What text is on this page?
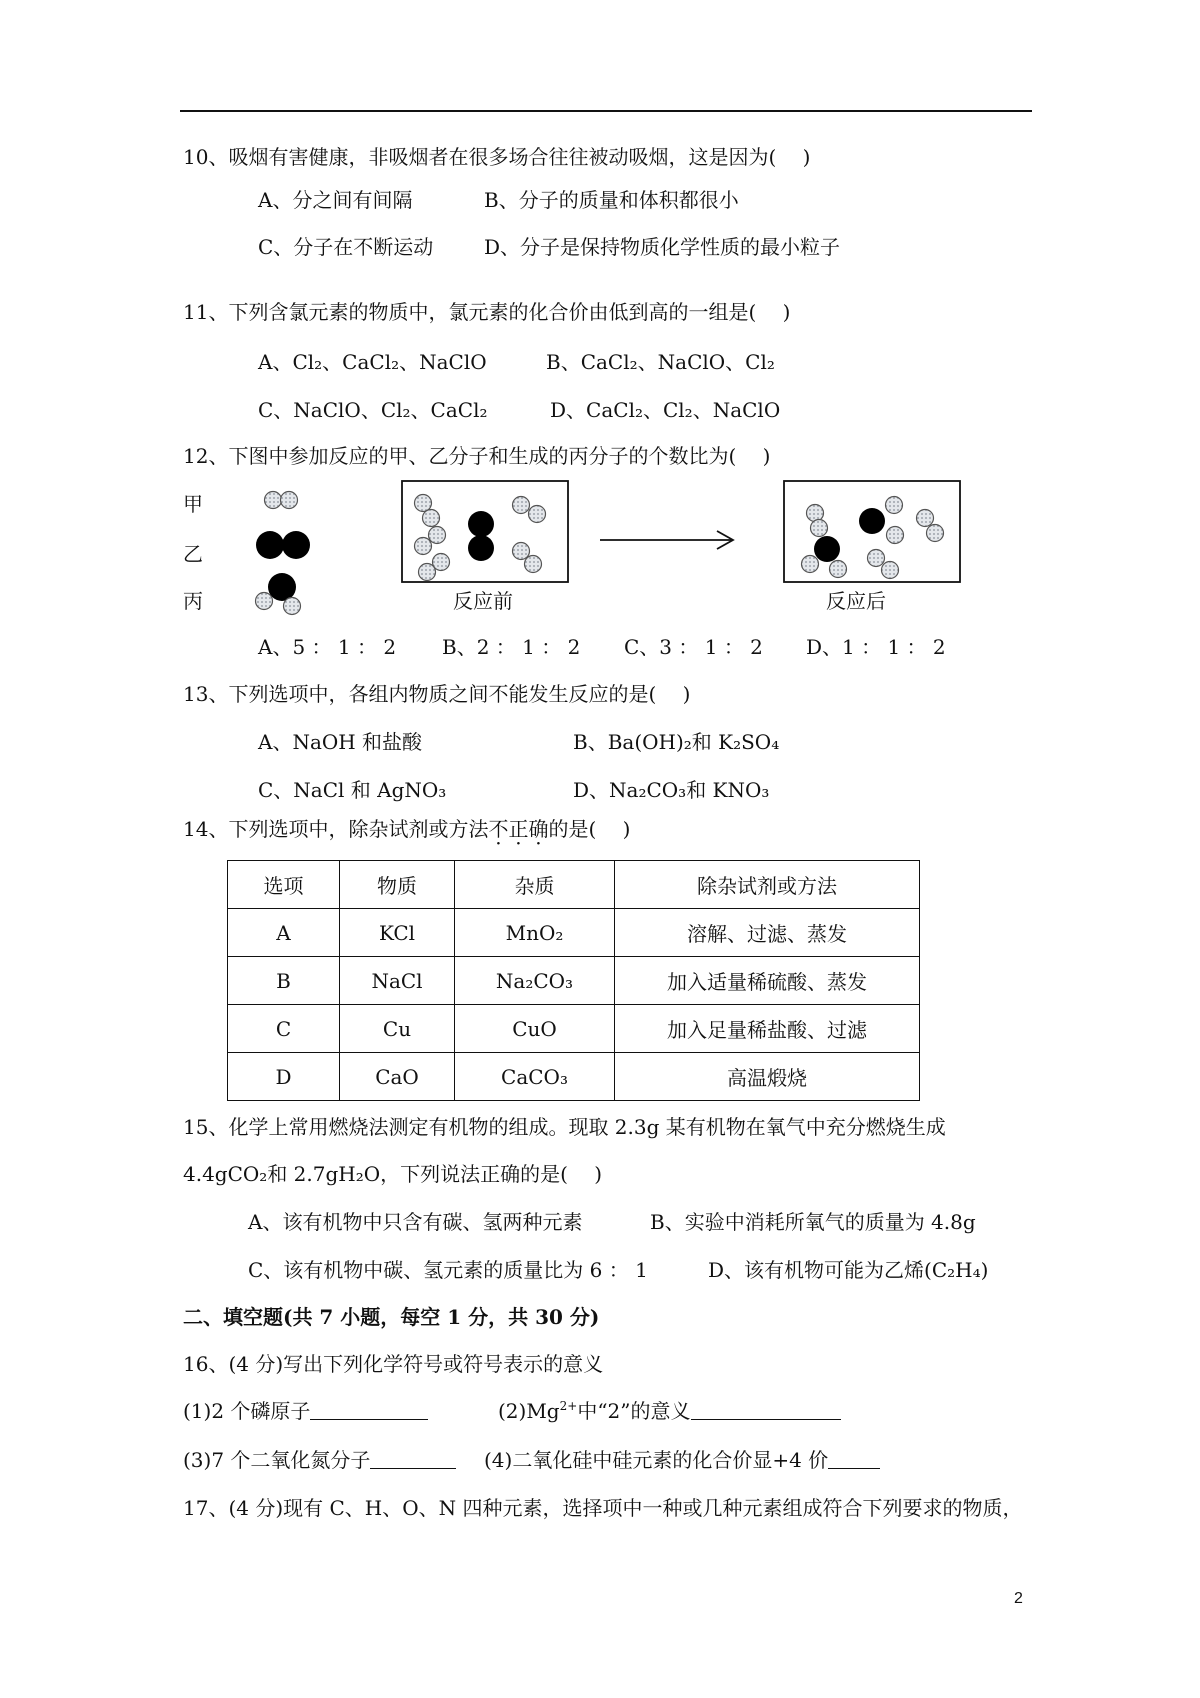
10、吸烟有害健康，非吸烟者在很多场合往往被动吸烟，这是因为(　 )
A、分之间有间隔	B、分子的质量和体积都很小
C、分子在不断运动	D、分子是保持物质化学性质的最小粒子
11、下列含氯元素的物质中，氯元素的化合价由低到高的一组是(　 )
A、Cl₂、CaCl₂、NaClO	B、CaCl₂、NaClO、Cl₂
C、NaClO、Cl₂、CaCl₂	D、CaCl₂、Cl₂、NaClO
12、下图中参加反应的甲、乙分子和生成的丙分子的个数比为(　 )
甲
乙
丙	反应前	反应后
A、5 ： 1 ： 2 B、2 ： 1 ： 2 C、3 ： 1 ： 2 D、1 ： 1 ： 2
13、下列选项中，各组内物质之间不能发生反应的是(　 )
A、NaOH 和盐酸	B、Ba(OH)₂和 K₂SO₄
C、NaCl 和 AgNO₃	D、Na₂CO₃和 KNO₃
14、下列选项中，除杂试剂或方法不正确的是(　 )
选项	物质	杂质	除杂试剂或方法
A	KCl	MnO₂	溶解、过滤、蒸发
B	NaCl	Na₂CO₃	加入适量稀硫酸、蒸发
C	Cu	CuO	加入足量稀盐酸、过滤
D	CaO	CaCO₃	高温煅烧
15、化学上常用燃烧法测定有机物的组成。现取 2.3g 某有机物在氧气中充分燃烧生成
4.4gCO₂和 2.7gH₂O，下列说法正确的是(　 )
A、该有机物中只含有碳、氢两种元素	B、实验中消耗所氧气的质量为 4.8g
C、该有机物中碳、氢元素的质量比为 6 ： 1	D、该有机物可能为乙烯(C₂H₄)
二、填空题(共 7 小题，每空 1 分，共 30 分)
16、(4 分)写出下列化学符号或符号表示的意义
(1)2 个磷原子	$(2)Mg^{2+}$中“2”的意义
(3)7 个二氧化氮分子	(4)二氧化硅中硅元素的化合价显+4 价
17、(4 分)现有 C、H、O、N 四种元素，选择项中一种或几种元素组成符合下列要求的物质，
2
